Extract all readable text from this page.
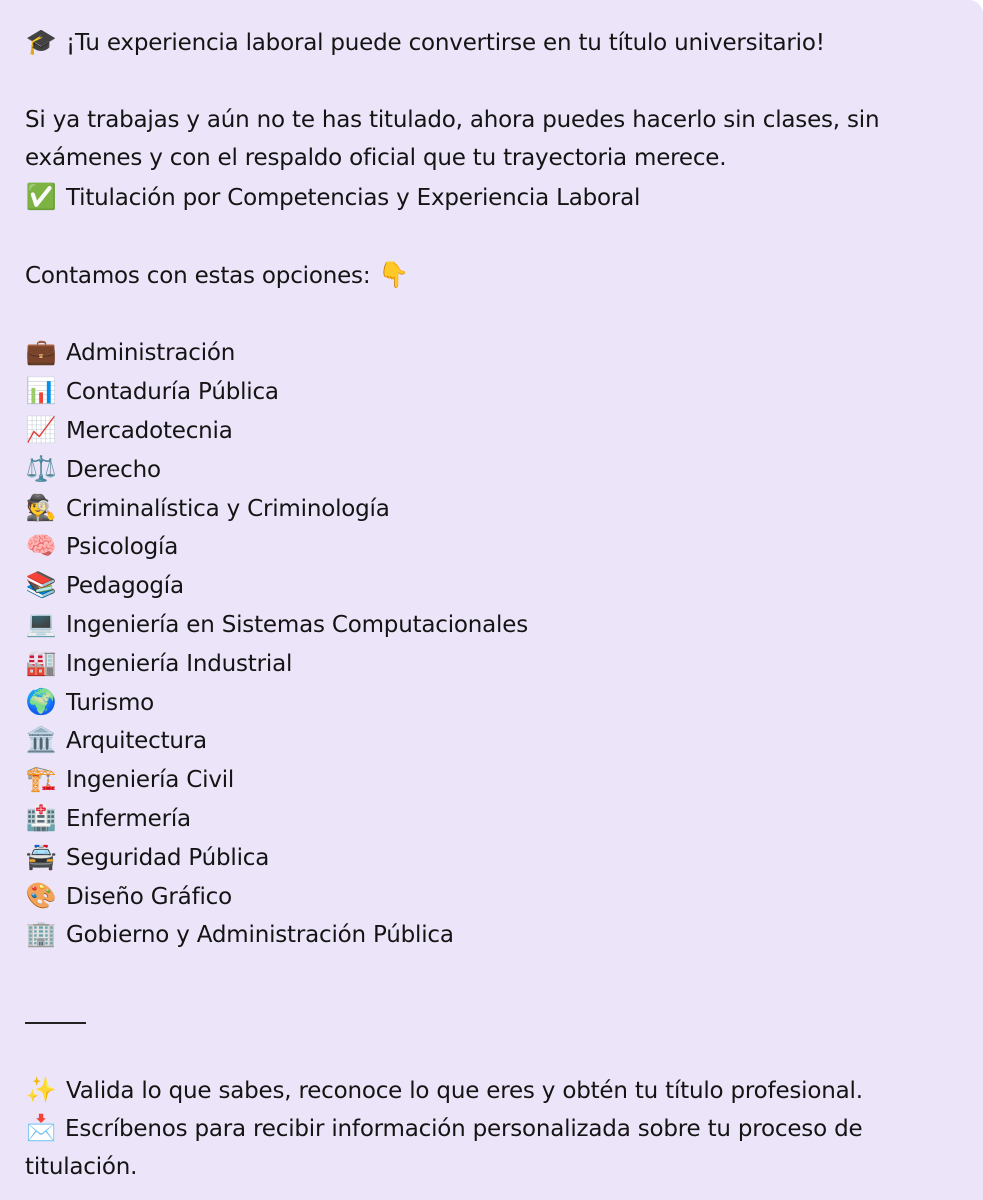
🎓 ¡Tu experiencia laboral puede convertirse en tu título universitario!
Si ya trabajas y aún no te has titulado, ahora puedes hacerlo sin clases, sin
exámenes y con el respaldo oficial que tu trayectoria merece.
✅ Titulación por Competencias y Experiencia Laboral
Contamos con estas opciones: 👇
💼 Administración
📊 Contaduría Pública
📈 Mercadotecnia
⚖️ Derecho
🕵️ Criminalística y Criminología
🧠 Psicología
📚 Pedagogía
💻 Ingeniería en Sistemas Computacionales
🏭 Ingeniería Industrial
🌍 Turismo
🏛️ Arquitectura
🏗️ Ingeniería Civil
🏥 Enfermería
🚔 Seguridad Pública
🎨 Diseño Gráfico
🏢 Gobierno y Administración Pública
✨ Valida lo que sabes, reconoce lo que eres y obtén tu título profesional.
📩 Escríbenos para recibir información personalizada sobre tu proceso de
titulación.
